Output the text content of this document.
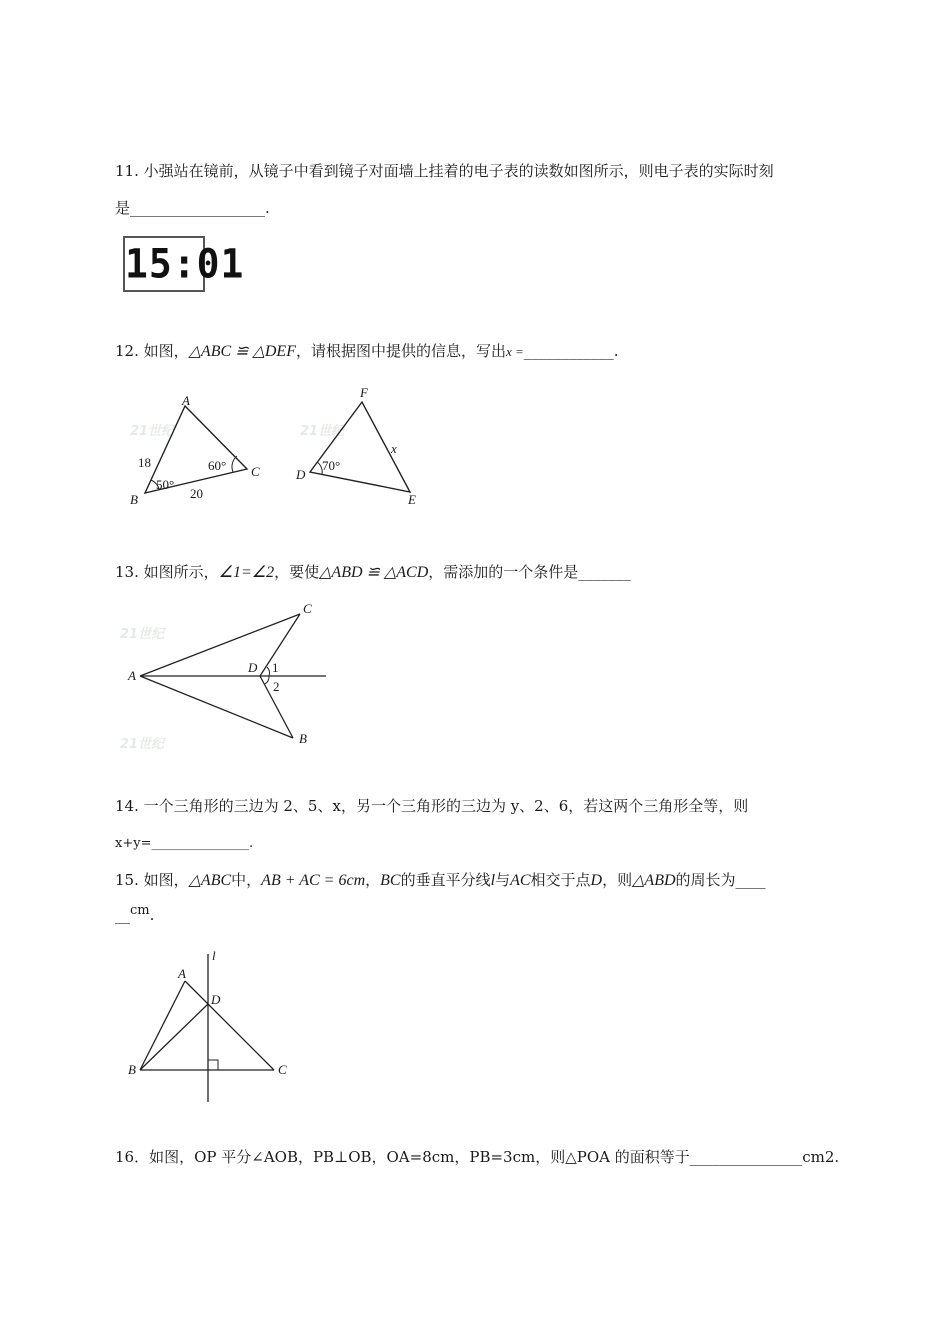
11. 小强站在镜前，从镜子中看到镜子对面墙上挂着的电子表的读数如图所示，则电子表的实际时刻
是__________________.
15:01
12. 如图，△ABC ≌ △DEF，请根据图中提供的信息，写出x =____________.
21世纪	21世纪
A
B
C
18
20
50°
60°
F
D
E
x
70°
13. 如图所示，∠1=∠2，要使△ABD ≌ △ACD，需添加的一个条件是_______
21世纪
21世纪
A
C
D
B
1
2
14. 一个三角形的三边为 2、5、x，另一个三角形的三边为 y、2、6，若这两个三角形全等，则
x+y=_______________.
15. 如图，△ABC中，AB + AC = 6cm，BC的垂直平分线l与AC相交于点D，则△ABD的周长为____
__cm.
l
A
D
B	C
16．如图，OP 平分∠AOB，PB⊥OB，OA=8cm，PB=3cm，则△POA 的面积等于_______________cm2.
